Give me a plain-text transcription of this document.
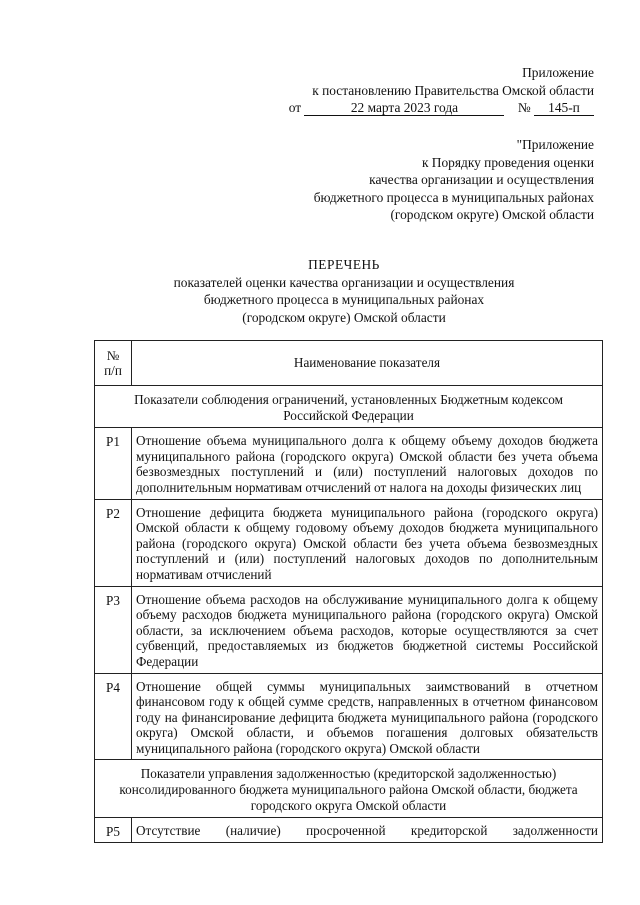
Приложение
к постановлению Правительства Омской области
от	22 марта 2023 года	№ 145-п
"Приложение
к Порядку проведения оценки
качества организации и осуществления
бюджетного процесса в муниципальных районах
(городском округе) Омской области
ПЕРЕЧЕНЬ
показателей оценки качества организации и осуществления
бюджетного процесса в муниципальных районах
(городском округе) Омской области
№
п/п	Наименование показателя

Показатели соблюдения ограничений, установленных Бюджетным кодексом
Российской Федерации	

Р1	Отношение объема муниципального долга к общему объему доходов бюджета муниципального района (городского округа) Омской области без учета объема безвозмездных поступлений и (или) поступлений налоговых доходов по дополнительным нормативам отчислений от налога на доходы физических лиц
Р2	Отношение дефицита бюджета муниципального района (городского округа) Омской области к общему годовому объему доходов бюджета муниципального района (городского округа) Омской области без учета объема безвозмездных поступлений и (или) поступлений налоговых доходов по дополнительным нормативам отчислений
Р3	Отношение объема расходов на обслуживание муниципального долга к общему объему расходов бюджета муниципального района (городского округа) Омской области, за исключением объема расходов, которые осуществляются за счет субвенций, предоставляемых из бюджетов бюджетной системы Российской Федерации
Р4	Отношение общей суммы муниципальных заимствований в отчетном финансовом году к общей сумме средств, направленных в отчетном финансовом году на финансирование дефицита бюджета муниципального района (городского округа) Омской области, и объемов погашения долговых обязательств муниципального района (городского округа) Омской области

Показатели управления задолженностью (кредиторской задолженностью)
консолидированного бюджета муниципального района Омской области, бюджета
городского округа Омской области	

Р5	Отсутствие (наличие) просроченной кредиторской задолженности
